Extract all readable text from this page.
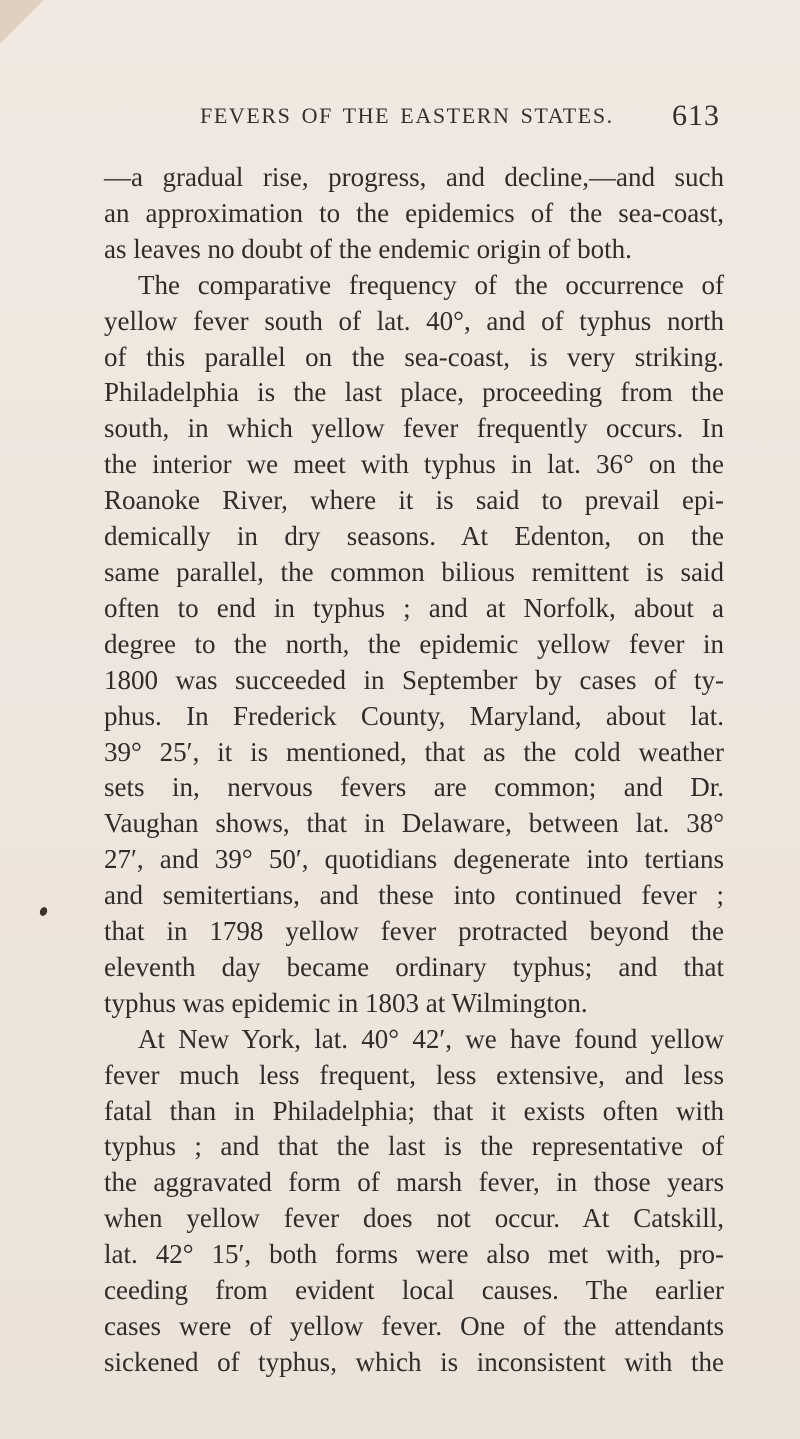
FEVERS OF THE EASTERN STATES. 613
—a gradual rise, progress, and decline,—and such
an approximation to the epidemics of the sea-coast,
as leaves no doubt of the endemic origin of both.
The comparative frequency of the occurrence of
yellow fever south of lat. 40°, and of typhus north
of this parallel on the sea-coast, is very striking.
Philadelphia is the last place, proceeding from the
south, in which yellow fever frequently occurs. In
the interior we meet with typhus in lat. 36° on the
Roanoke River, where it is said to prevail epi-
demically in dry seasons. At Edenton, on the
same parallel, the common bilious remittent is said
often to end in typhus ; and at Norfolk, about a
degree to the north, the epidemic yellow fever in
1800 was succeeded in September by cases of ty-
phus. In Frederick County, Maryland, about lat.
39° 25′, it is mentioned, that as the cold weather
sets in, nervous fevers are common; and Dr.
Vaughan shows, that in Delaware, between lat. 38°
27′, and 39° 50′, quotidians degenerate into tertians
and semitertians, and these into continued fever ;
that in 1798 yellow fever protracted beyond the
eleventh day became ordinary typhus; and that
typhus was epidemic in 1803 at Wilmington.
At New York, lat. 40° 42′, we have found yellow
fever much less frequent, less extensive, and less
fatal than in Philadelphia; that it exists often with
typhus ; and that the last is the representative of
the aggravated form of marsh fever, in those years
when yellow fever does not occur. At Catskill,
lat. 42° 15′, both forms were also met with, pro-
ceeding from evident local causes. The earlier
cases were of yellow fever. One of the attendants
sickened of typhus, which is inconsistent with the
